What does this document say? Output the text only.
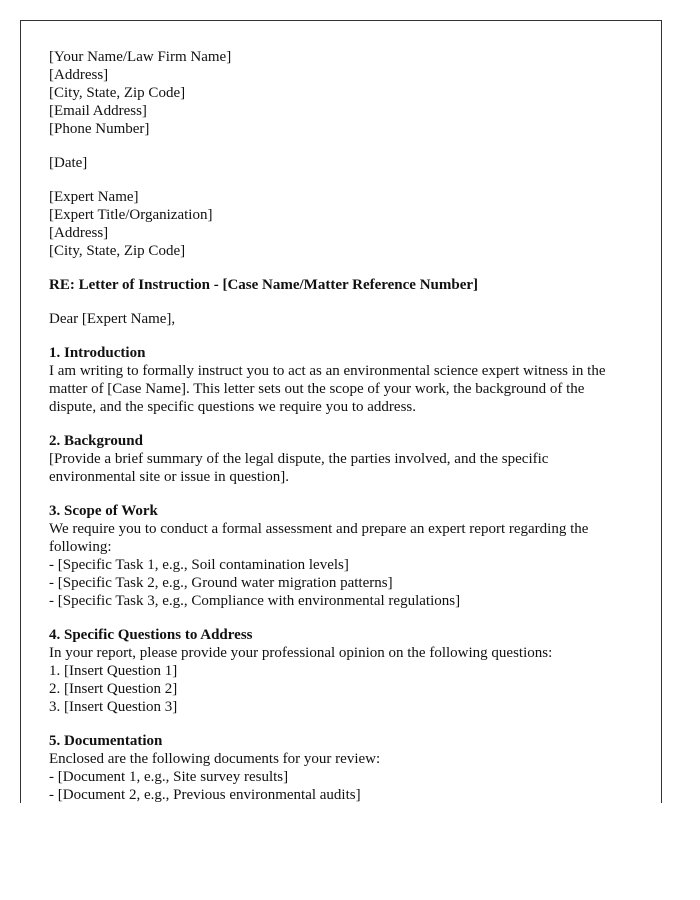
[Your Name/Law Firm Name]
[Address]
[City, State, Zip Code]
[Email Address]
[Phone Number]

[Date]

[Expert Name]
[Expert Title/Organization]
[Address]
[City, State, Zip Code]

RE: Letter of Instruction - [Case Name/Matter Reference Number]

Dear [Expert Name],

1. Introduction
I am writing to formally instruct you to act as an environmental science expert witness in the matter of [Case Name]. This letter sets out the scope of your work, the background of the dispute, and the specific questions we require you to address.
2. Background
[Provide a brief summary of the legal dispute, the parties involved, and the specific environmental site or issue in question].
3. Scope of Work
We require you to conduct a formal assessment and prepare an expert report regarding the following:
- [Specific Task 1, e.g., Soil contamination levels]
- [Specific Task 2, e.g., Ground water migration patterns]
- [Specific Task 3, e.g., Compliance with environmental regulations]
4. Specific Questions to Address
In your report, please provide your professional opinion on the following questions:
1. [Insert Question 1]
2. [Insert Question 2]
3. [Insert Question 3]
5. Documentation
Enclosed are the following documents for your review:
- [Document 1, e.g., Site survey results]
- [Document 2, e.g., Previous environmental audits]
